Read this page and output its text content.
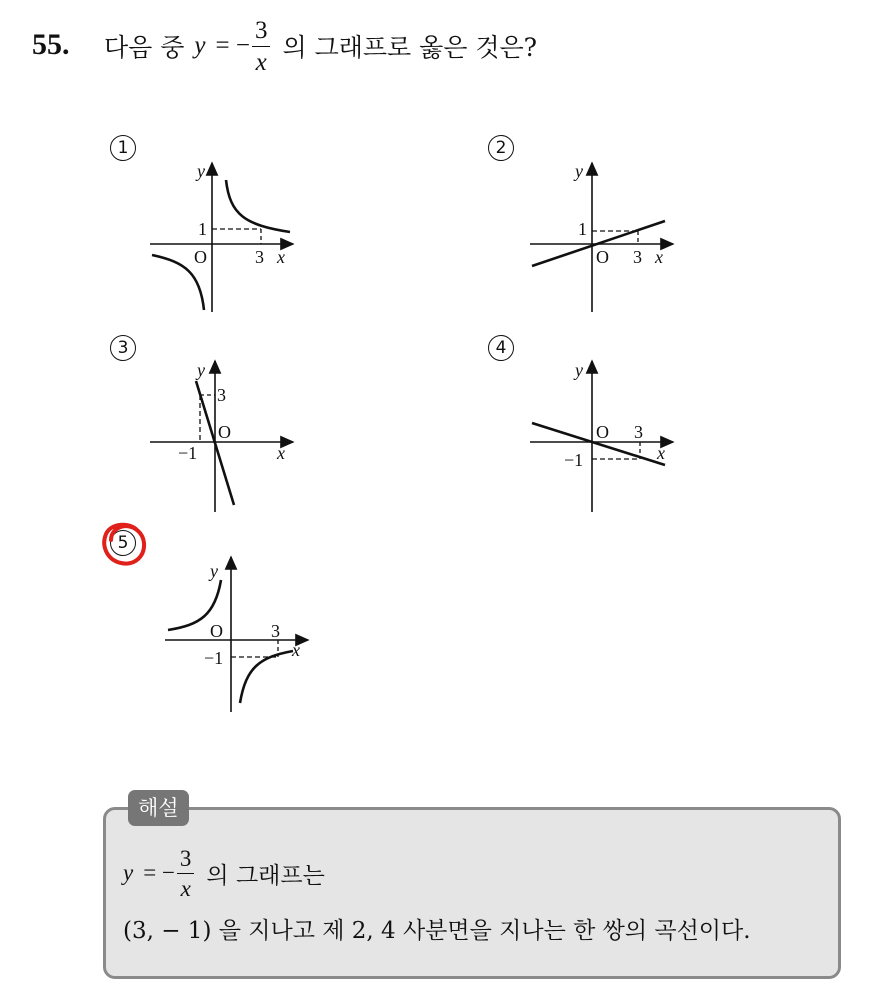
55. 다음 중 y = − $\frac{3}{x}$ 의 그래프로 옳은 것은?
1	2
3	4
5
y
1
O	3 x
y
1
O 3 x
y
3
O
−1	x
y
O 3
−1	x
y
O	3
−1	x
해설
y = − $\frac{3}{x}$ 의 그래프는
(3, − 1) 을 지나고 제 2, 4 사분면을 지나는 한 쌍의 곡선이다.
